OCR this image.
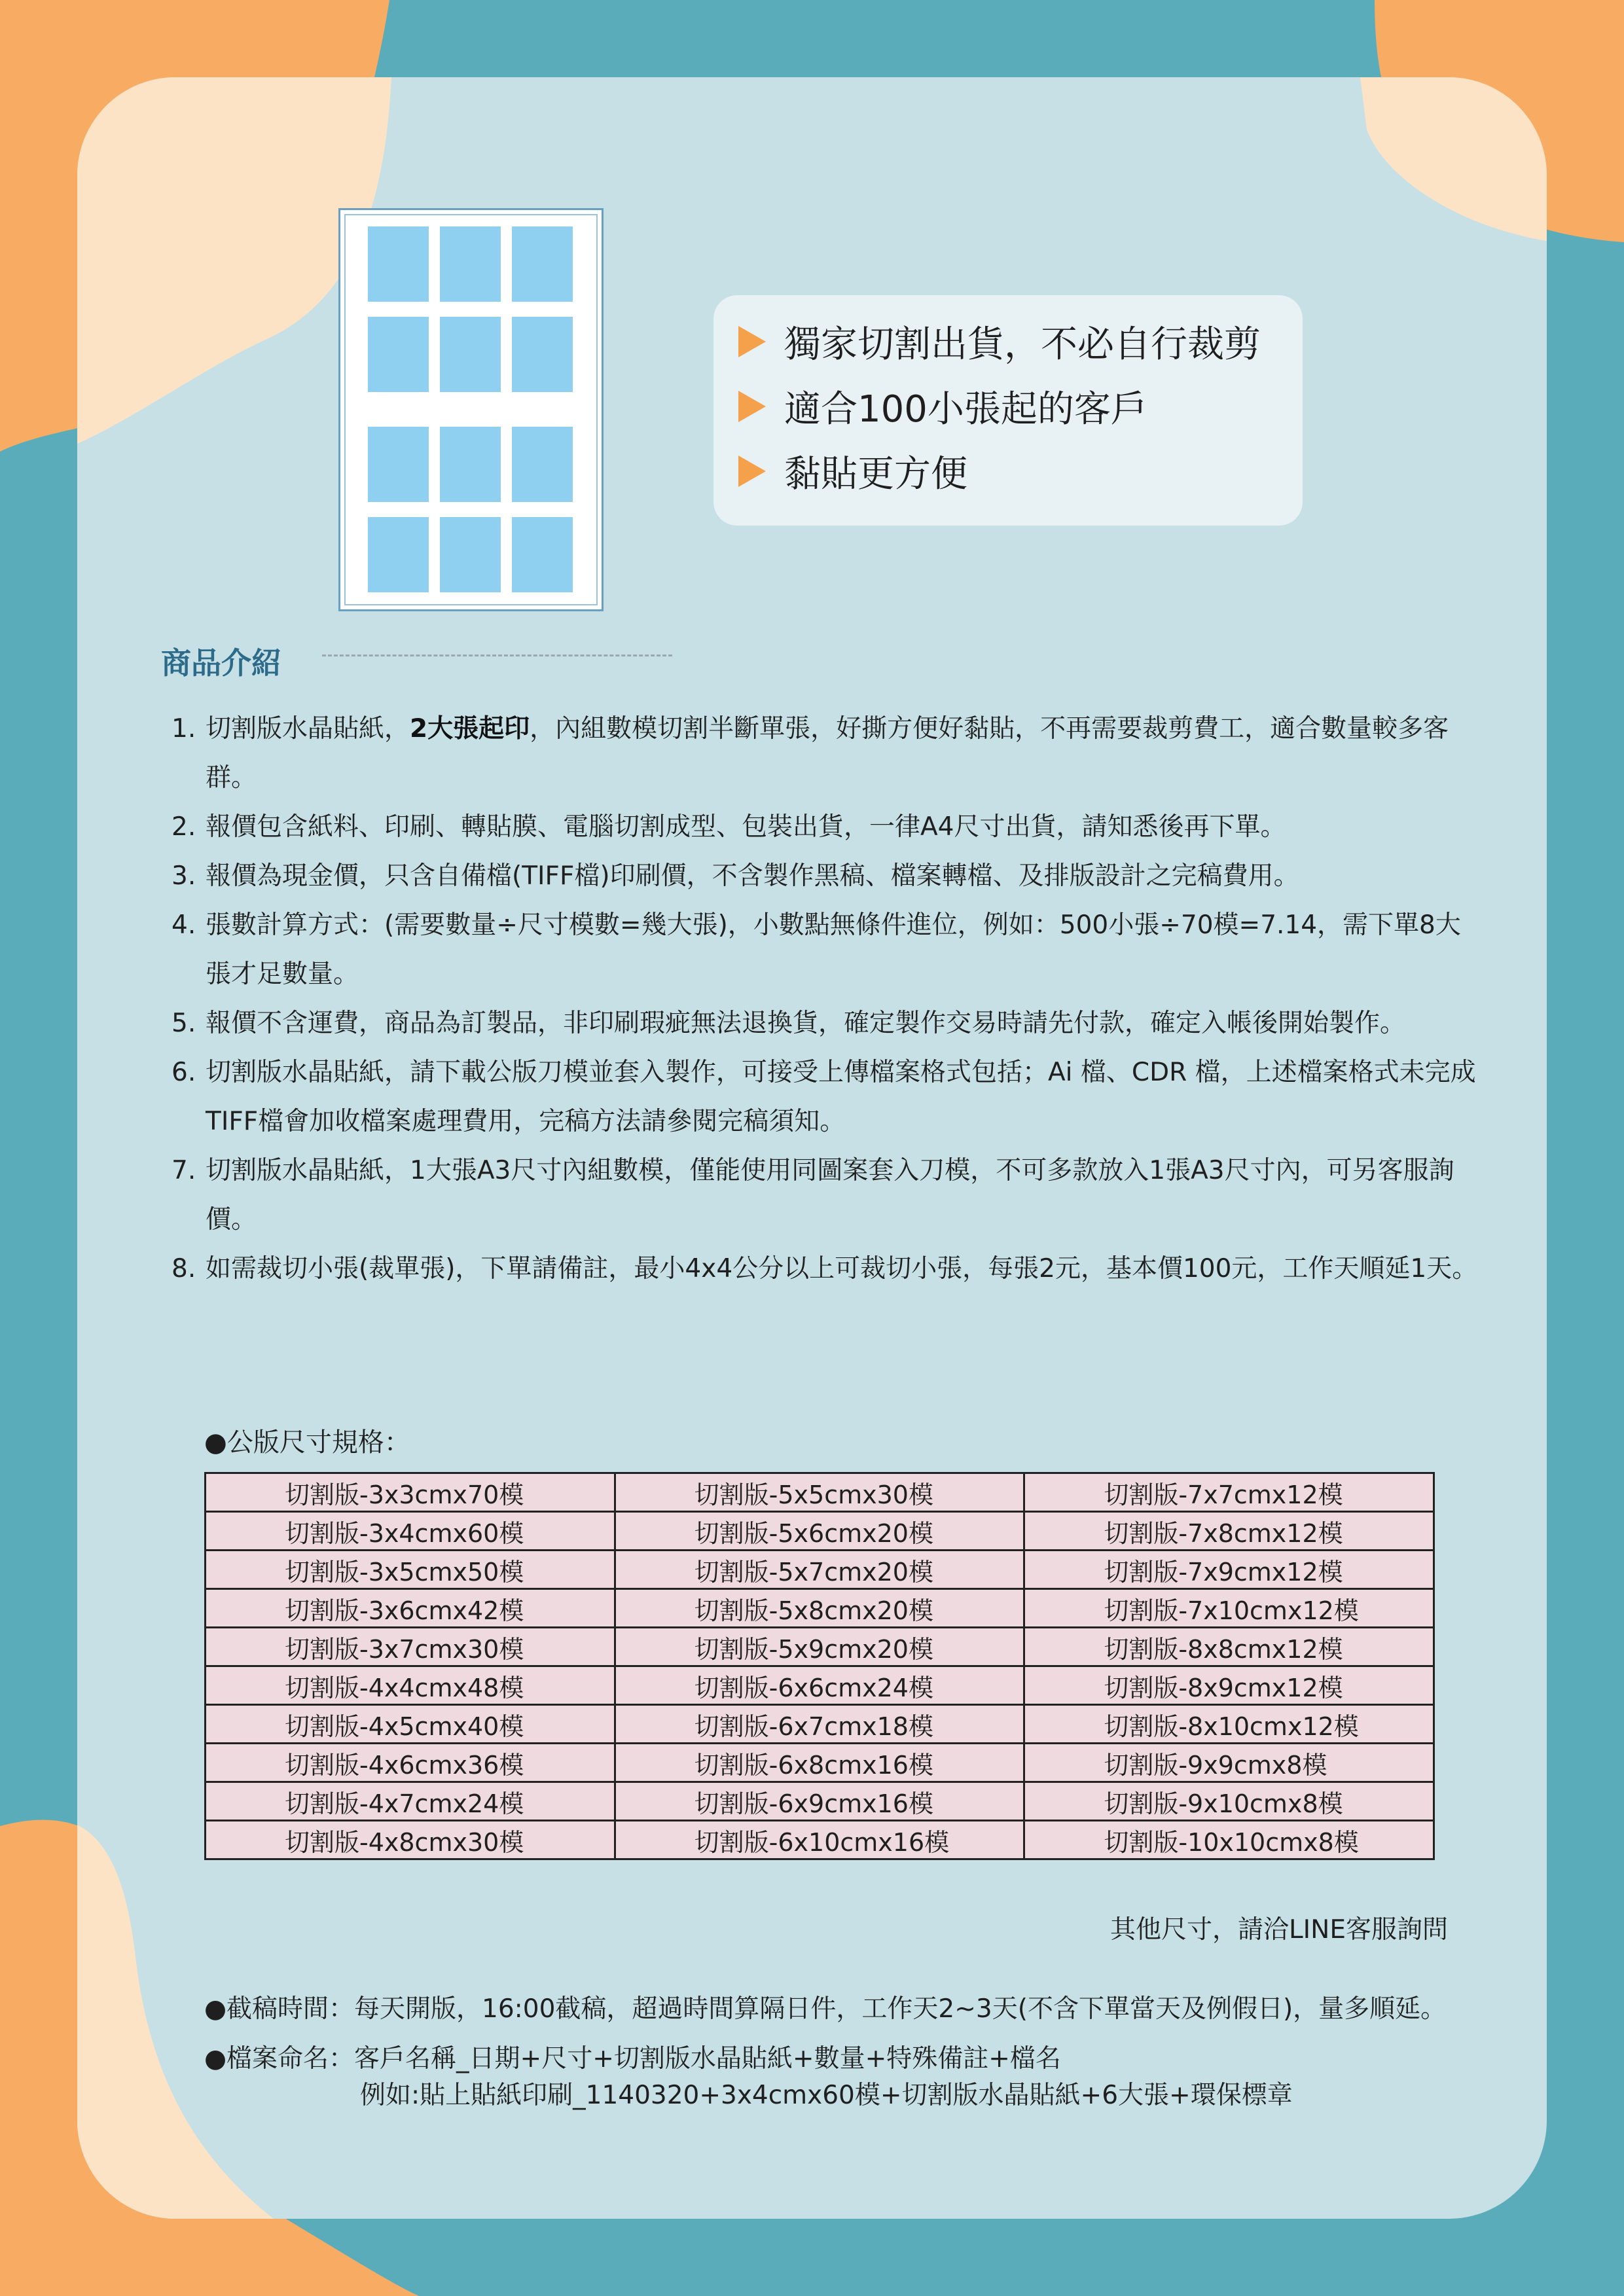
獨家切割出貨，不必自行裁剪
適合100小張起的客戶
黏貼更方便
商品介紹
1. 切割版水晶貼紙，2大張起印，內組數模切割半斷單張，好撕方便好黏貼，不再需要裁剪費工，適合數量較多客群。
2. 報價包含紙料、印刷、轉貼膜、電腦切割成型、包裝出貨，一律A4尺寸出貨，請知悉後再下單。
3. 報價為現金價，只含自備檔(TIFF檔)印刷價，不含製作黑稿、檔案轉檔、及排版設計之完稿費用。
4. 張數計算方式：(需要數量÷尺寸模數=幾大張)，小數點無條件進位，例如：500小張÷70模=7.14，需下單8大張才足數量。
5. 報價不含運費，商品為訂製品，非印刷瑕疵無法退換貨，確定製作交易時請先付款，確定入帳後開始製作。
6. 切割版水晶貼紙，請下載公版刀模並套入製作，可接受上傳檔案格式包括；Ai 檔、CDR 檔，上述檔案格式未完成TIFF檔會加收檔案處理費用，完稿方法請參閱完稿須知。
7. 切割版水晶貼紙，1大張A3尺寸內組數模，僅能使用同圖案套入刀模，不可多款放入1張A3尺寸內，可另客服詢價。
8. 如需裁切小張(裁單張)，下單請備註，最小4x4公分以上可裁切小張，每張2元，基本價100元，工作天順延1天。
●公版尺寸規格：
切割版-3x3cmx70模	切割版-5x5cmx30模	切割版-7x7cmx12模
切割版-3x4cmx60模	切割版-5x6cmx20模	切割版-7x8cmx12模
切割版-3x5cmx50模	切割版-5x7cmx20模	切割版-7x9cmx12模
切割版-3x6cmx42模	切割版-5x8cmx20模	切割版-7x10cmx12模
切割版-3x7cmx30模	切割版-5x9cmx20模	切割版-8x8cmx12模
切割版-4x4cmx48模	切割版-6x6cmx24模	切割版-8x9cmx12模
切割版-4x5cmx40模	切割版-6x7cmx18模	切割版-8x10cmx12模
切割版-4x6cmx36模	切割版-6x8cmx16模	切割版-9x9cmx8模
切割版-4x7cmx24模	切割版-6x9cmx16模	切割版-9x10cmx8模
切割版-4x8cmx30模	切割版-6x10cmx16模	切割版-10x10cmx8模
其他尺寸，請洽LINE客服詢問
●截稿時間：每天開版，16:00截稿，超過時間算隔日件，工作天2~3天(不含下單當天及例假日)，量多順延。
●檔案命名：客戶名稱_日期+尺寸+切割版水晶貼紙+數量+特殊備註+檔名
例如:貼上貼紙印刷_1140320+3x4cmx60模+切割版水晶貼紙+6大張+環保標章
